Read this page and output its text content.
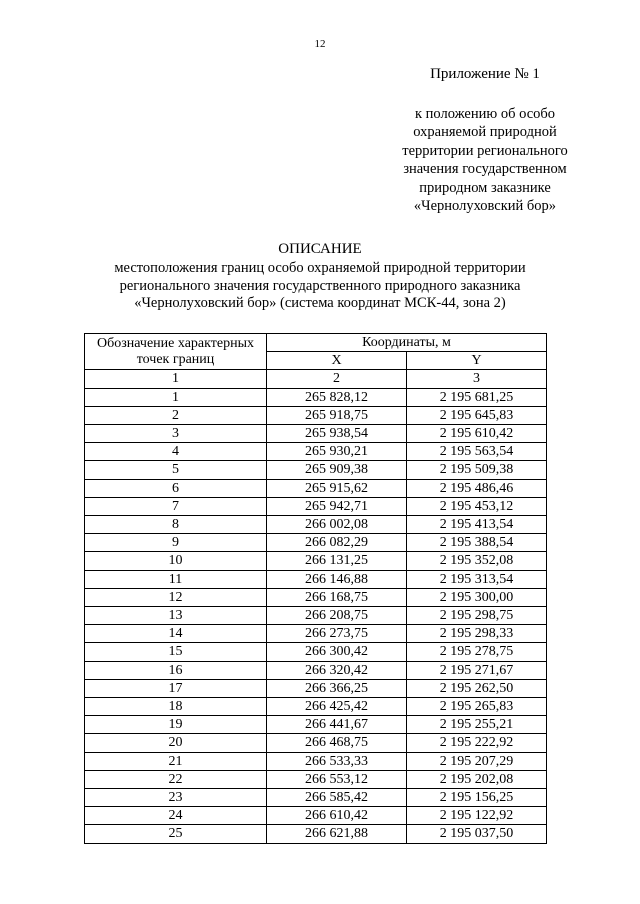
12
Приложение № 1
к положению об особо
охраняемой природной
территории регионального
значения государственном
природном заказнике
«Чернолуховский бор»
ОПИСАНИЕ
местоположения границ особо охраняемой природной территории
регионального значения государственного природного заказника
«Чернолуховский бор» (система координат МСК-44, зона 2)
Обозначение характерных точек границ	Координаты, м	
	X	Y
1	2	3
1	265 828,12	2 195 681,25
2	265 918,75	2 195 645,83
3	265 938,54	2 195 610,42
4	265 930,21	2 195 563,54
5	265 909,38	2 195 509,38
6	265 915,62	2 195 486,46
7	265 942,71	2 195 453,12
8	266 002,08	2 195 413,54
9	266 082,29	2 195 388,54
10	266 131,25	2 195 352,08
11	266 146,88	2 195 313,54
12	266 168,75	2 195 300,00
13	266 208,75	2 195 298,75
14	266 273,75	2 195 298,33
15	266 300,42	2 195 278,75
16	266 320,42	2 195 271,67
17	266 366,25	2 195 262,50
18	266 425,42	2 195 265,83
19	266 441,67	2 195 255,21
20	266 468,75	2 195 222,92
21	266 533,33	2 195 207,29
22	266 553,12	2 195 202,08
23	266 585,42	2 195 156,25
24	266 610,42	2 195 122,92
25	266 621,88	2 195 037,50
